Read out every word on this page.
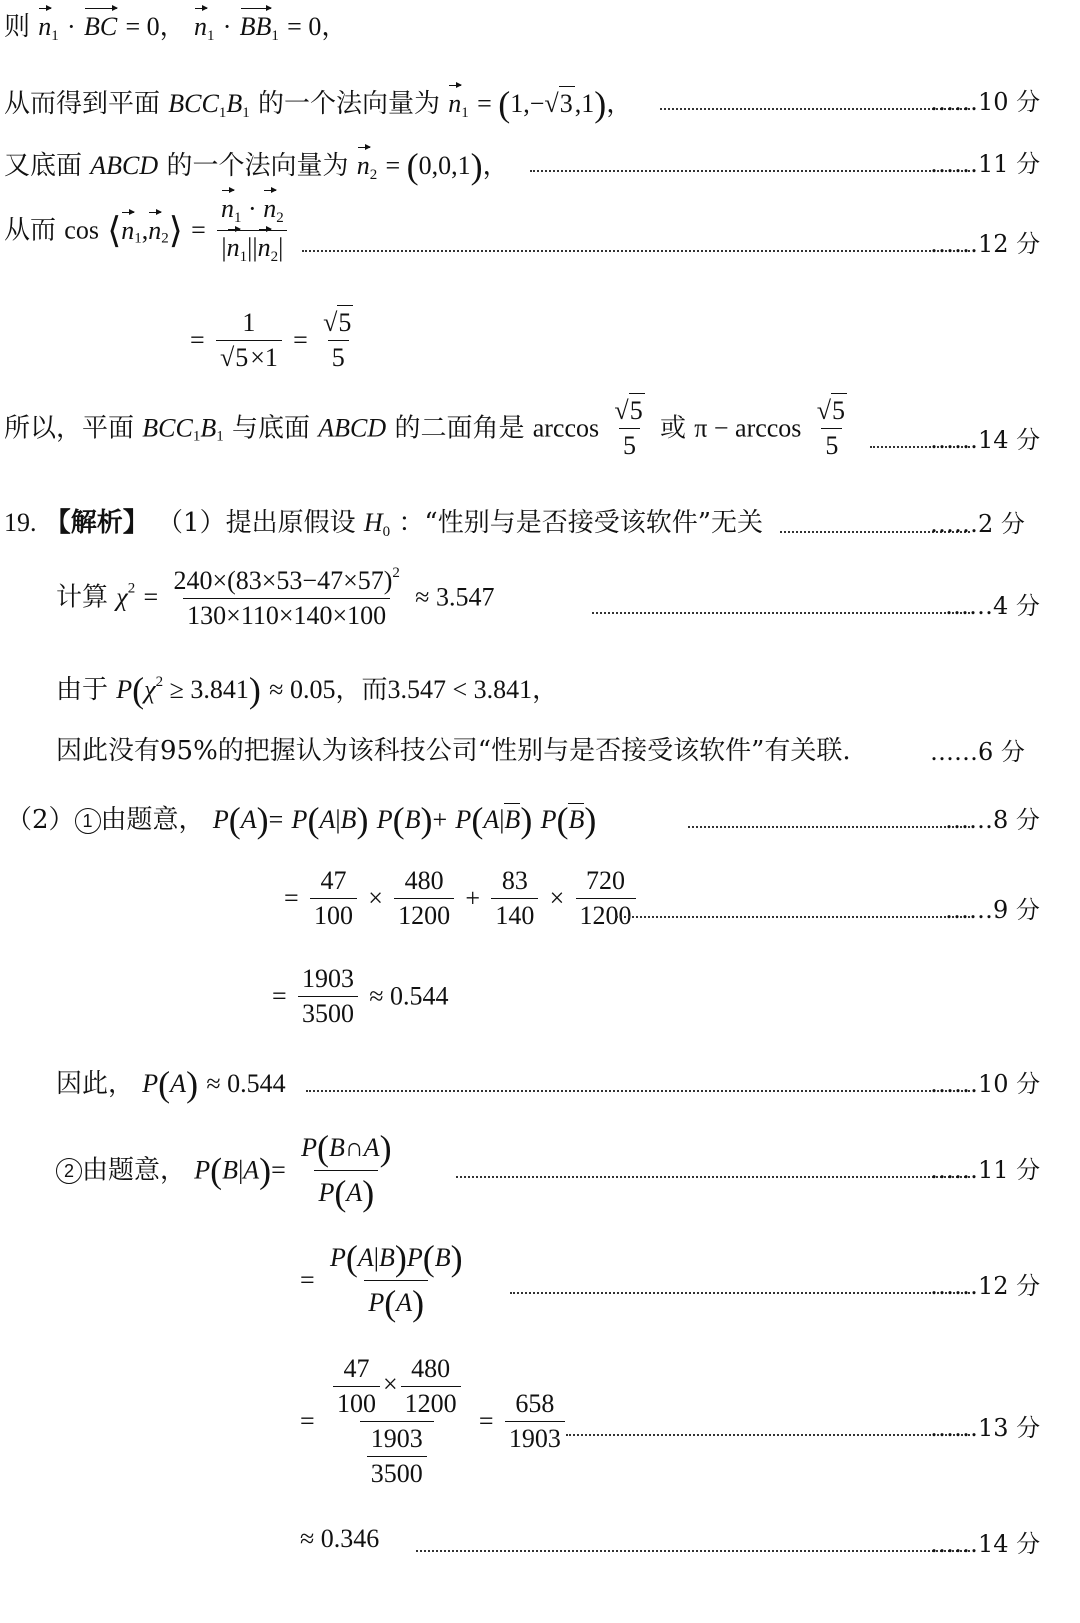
则 $n_1$ · BC = 0， $n_1 \cdot BB_1 = 0$，
从而得到平面 $BCC_1B_1$ 的一个法向量为 $n_1 = (1,-√3,1)$，	……10 分
又底面 ABCD 的一个法向量为 $n_2 = (0,0,1)$，	……11 分
从而 $\cos ⟨n_1,n_2⟩ = \frac{n_1 \cdot n_2}{|n_1||n_2|}$	……12 分
= $\frac{1}{√5\times 1} = \frac{√5}{5}$
所以，平面 $BCC_1B_1$ 与底面 ABCD 的二面角是 $\arccos \frac{√5}{5}$ 或 $\pi - \arccos \frac{√5}{5}$	……14 分
19. 【解析】 （1）提出原假设 $H_0$ ：“性别与是否接受该软件”无关	……2 分
计算 $\chi^2 = \frac{240\times(83\times 53-47\times 57)^2}{130\times 110\times 140\times 100} \approx 3.547$	……4 分
由于 $P(\chi^2 \ge 3.841) \approx 0.05$，而3.547 < 3.841，
因此没有95%的把握认为该科技公司“性别与是否接受该软件”有关联.	……6 分
（2） 1 由题意， P(A)= P(A|B) P(B)+ P(A|B) P(B)	……8 分
= $\frac{47}{100} \times \frac{480}{1200} + \frac{83}{140} \times \frac{720}{1200}$	……9 分
= $\frac{1903}{3500} \approx 0.544$
因此， P(A) ≈ 0.544	……10 分
2 由题意， $P(B|A)= \frac{P(B\cap A)}{P(A)}$	……11 分
= $\frac{P(A|B)P(B)}{P(A)}$	……12 分
= $\frac{\frac{47}{100} \times \frac{480}{1200}}{\frac{1903}{3500}} = \frac{658}{1903}$	……13 分
≈ 0.346	……14 分
